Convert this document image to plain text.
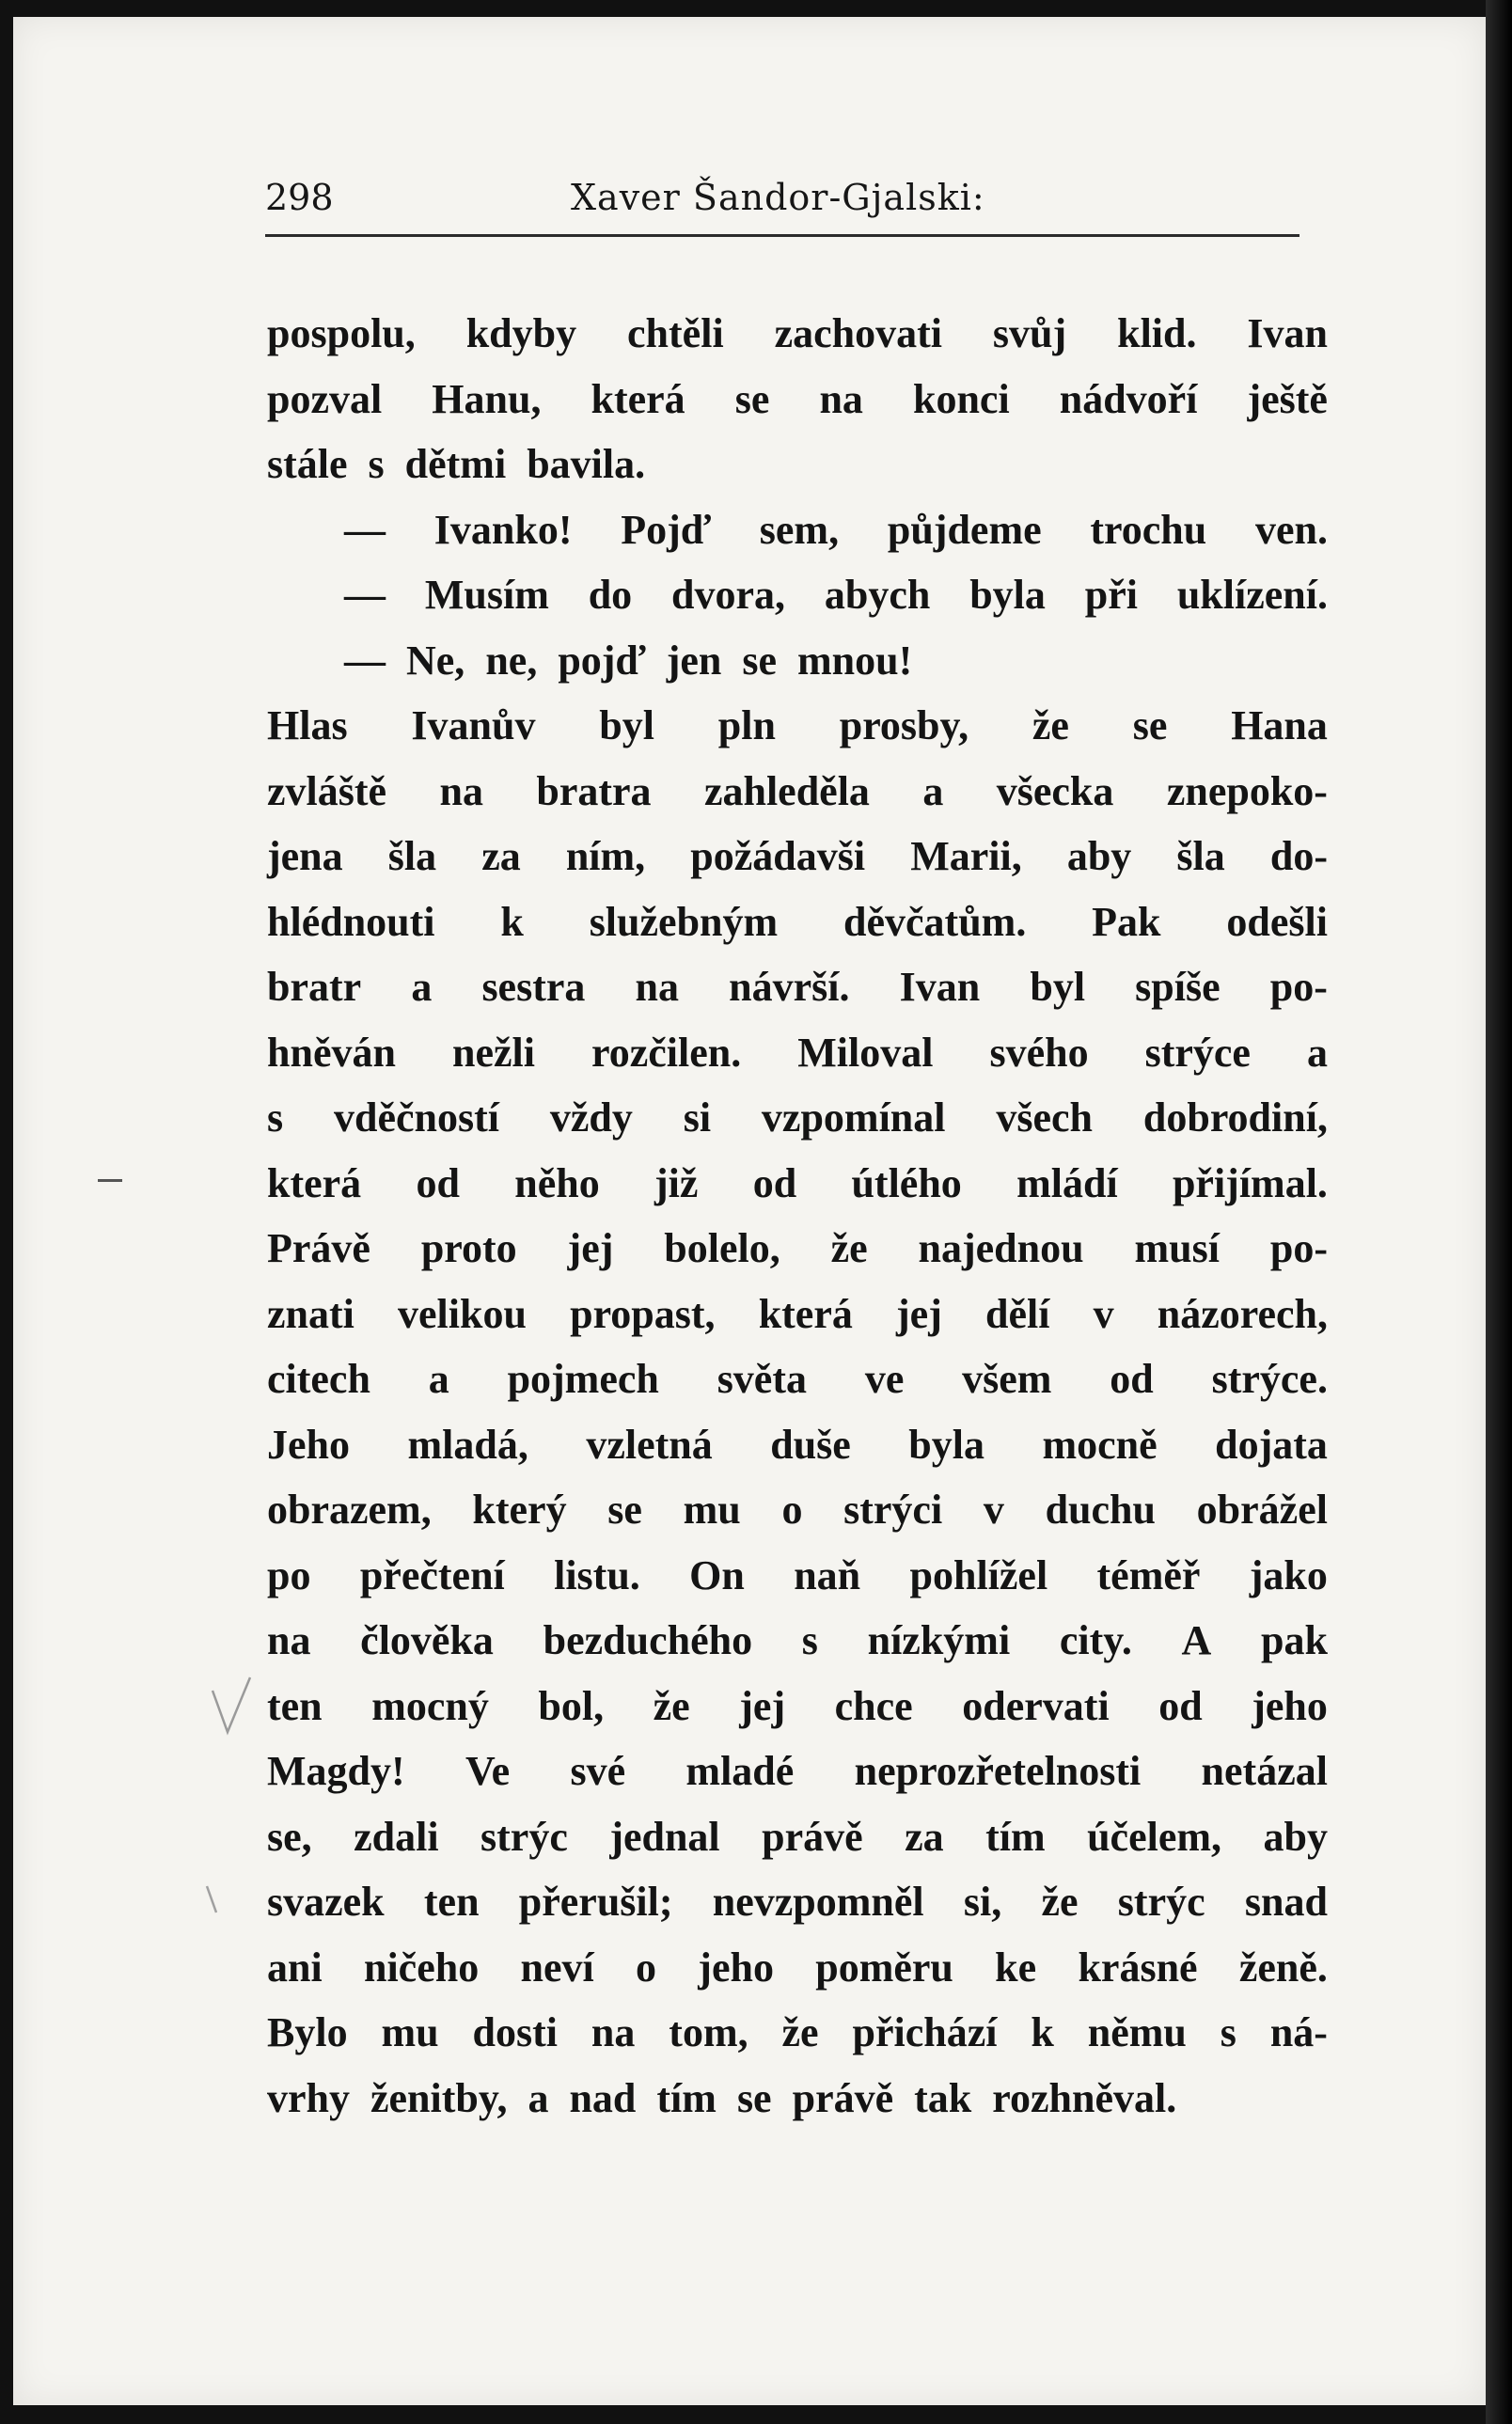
298	Xaver Šandor-Gjalski:
pospolu, kdyby chtěli zachovati svůj klid. Ivan
pozval Hanu, která se na konci nádvoří ještě
stále s dětmi bavila.
— Ivanko! Pojď sem, půjdeme trochu ven.
— Musím do dvora, abych byla při uklízení.
— Ne, ne, pojď jen se mnou!
Hlas Ivanův byl pln prosby, že se Hana
zvláště na bratra zahleděla a všecka znepoko-
jena šla za ním, požádavši Marii, aby šla do-
hlédnouti k služebným děvčatům. Pak odešli
bratr a sestra na návrší. Ivan byl spíše po-
hněván nežli rozčilen. Miloval svého strýce a
s vděčností vždy si vzpomínal všech dobrodiní,
která od něho již od útlého mládí přijímal.
Právě proto jej bolelo, že najednou musí po-
znati velikou propast, která jej dělí v názorech,
citech a pojmech světa ve všem od strýce.
Jeho mladá, vzletná duše byla mocně dojata
obrazem, který se mu o strýci v duchu obrážel
po přečtení listu. On naň pohlížel téměř jako
na člověka bezduchého s nízkými city. A pak
ten mocný bol, že jej chce odervati od jeho
Magdy! Ve své mladé neprozřetelnosti netázal
se, zdali strýc jednal právě za tím účelem, aby
svazek ten přerušil; nevzpomněl si, že strýc snad
ani ničeho neví o jeho poměru ke krásné ženě.
Bylo mu dosti na tom, že přichází k němu s ná-
vrhy ženitby, a nad tím se právě tak rozhněval.
